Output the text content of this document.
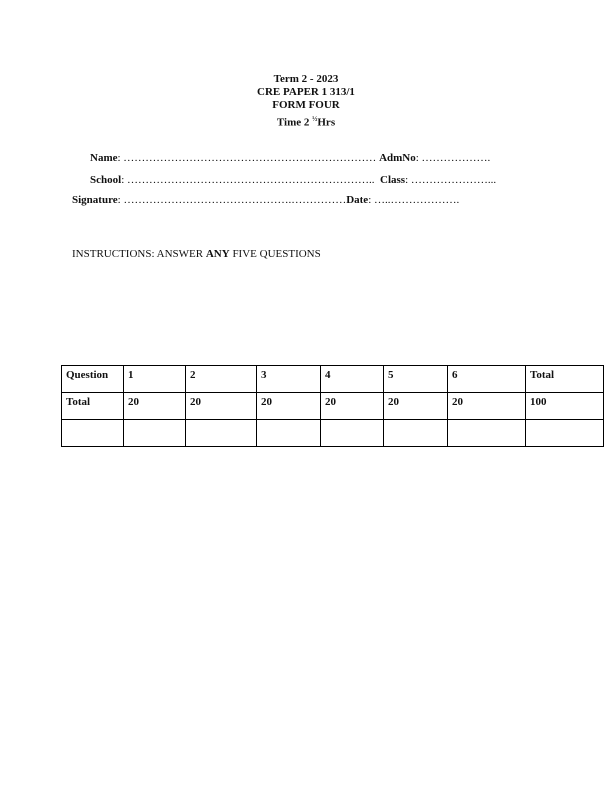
Term 2 - 2023
CRE PAPER 1 313/1
FORM FOUR
Time 2 $^{\frac{1}{2}}$Hrs
Name: …………………………………………………………… AdmNo: ……………….
School: ………………………………………………………….. Class: …………………...
Signature: ……………………………………….……………Date: …..……………….
INSTRUCTIONS: ANSWER ANY FIVE QUESTIONS
Question	1	2	3	4	5	6	Total
Total	20	20	20	20	20	20	100
